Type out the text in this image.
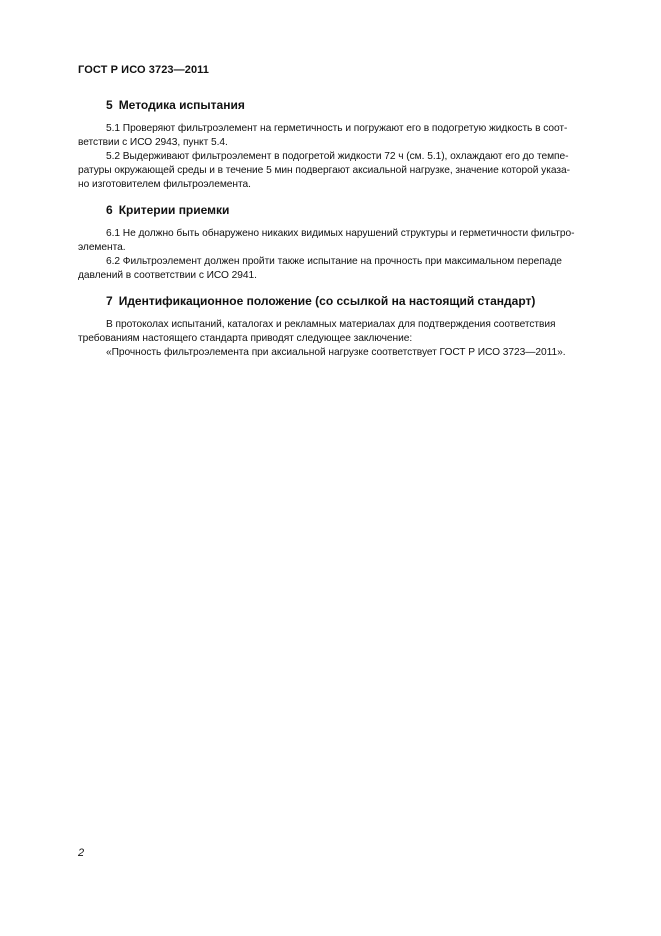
ГОСТ Р ИСО 3723—2011
5 Методика испытания

5.1 Проверяют фильтроэлемент на герметичность и погружают его в подогретую жидкость в соот-
ветствии с ИСО 2943, пункт 5.4.

5.2 Выдерживают фильтроэлемент в подогретой жидкости 72 ч (см. 5.1), охлаждают его до темпе-
ратуры окружающей среды и в течение 5 мин подвергают аксиальной нагрузке, значение которой указа-
но изготовителем фильтроэлемента.

6 Критерии приемки

6.1 Не должно быть обнаружено никаких видимых нарушений структуры и герметичности фильтро-
элемента.

6.2 Фильтроэлемент должен пройти также испытание на прочность при максимальном перепаде
давлений в соответствии с ИСО 2941.

7 Идентификационное положение (со ссылкой на настоящий стандарт)

В протоколах испытаний, каталогах и рекламных материалах для подтверждения соответствия
требованиям настоящего стандарта приводят следующее заключение:

«Прочность фильтроэлемента при аксиальной нагрузке соответствует ГОСТ Р ИСО 3723—2011».

2
